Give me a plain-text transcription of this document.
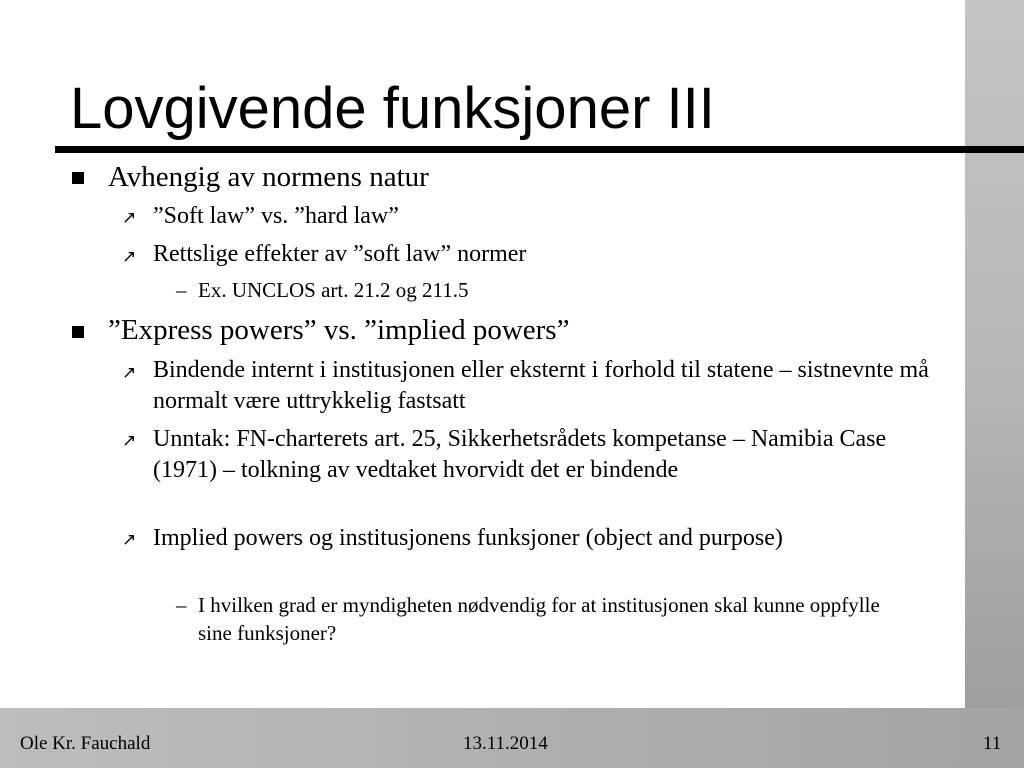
Lovgivende funksjoner III
Avhengig av normens natur
↗ ”Soft law” vs. ”hard law”
↗ Rettslige effekter av ”soft law” normer
– Ex. UNCLOS art. 21.2 og 211.5
”Express powers” vs. ”implied powers”
↗ Bindende internt i institusjonen eller eksternt i forhold til statene – sistnevnte må normalt være uttrykkelig fastsatt
↗ Unntak: FN-charterets art. 25, Sikkerhetsrådets kompetanse – Namibia Case (1971) – tolkning av vedtaket hvorvidt det er bindende
↗ Implied powers og institusjonens funksjoner (object and purpose)
– I hvilken grad er myndigheten nødvendig for at institusjonen skal kunne oppfylle sine funksjoner?
Ole Kr. Fauchald	13.11.2014	11
